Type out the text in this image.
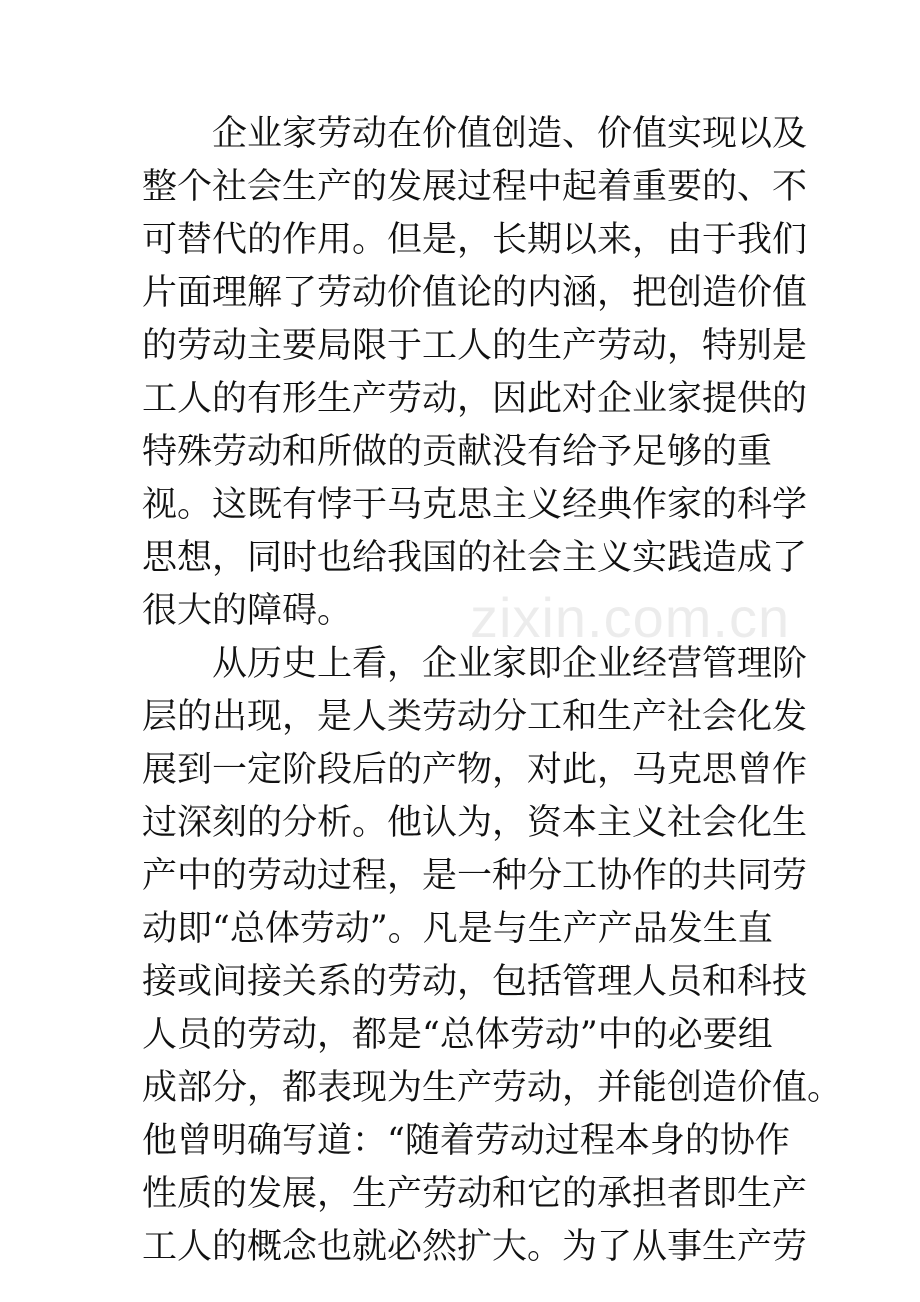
企业家劳动在价值创造、价值实现以及
整个社会生产的发展过程中起着重要的、不
可替代的作用。但是，长期以来，由于我们
片面理解了劳动价值论的内涵，把创造价值
的劳动主要局限于工人的生产劳动，特别是
工人的有形生产劳动，因此对企业家提供的
特殊劳动和所做的贡献没有给予足够的重
视。这既有悖于马克思主义经典作家的科学
思想，同时也给我国的社会主义实践造成了
很大的障碍。
从历史上看，企业家即企业经营管理阶
层的出现，是人类劳动分工和生产社会化发
展到一定阶段后的产物，对此，马克思曾作
过深刻的分析。他认为，资本主义社会化生
产中的劳动过程，是一种分工协作的共同劳
动即“总体劳动”。凡是与生产产品发生直
接或间接关系的劳动，包括管理人员和科技
人员的劳动，都是“总体劳动”中的必要组
成部分，都表现为生产劳动，并能创造价值。
他曾明确写道：“随着劳动过程本身的协作
性质的发展，生产劳动和它的承担者即生产
工人的概念也就必然扩大。为了从事生产劳
zixin.com.cn
